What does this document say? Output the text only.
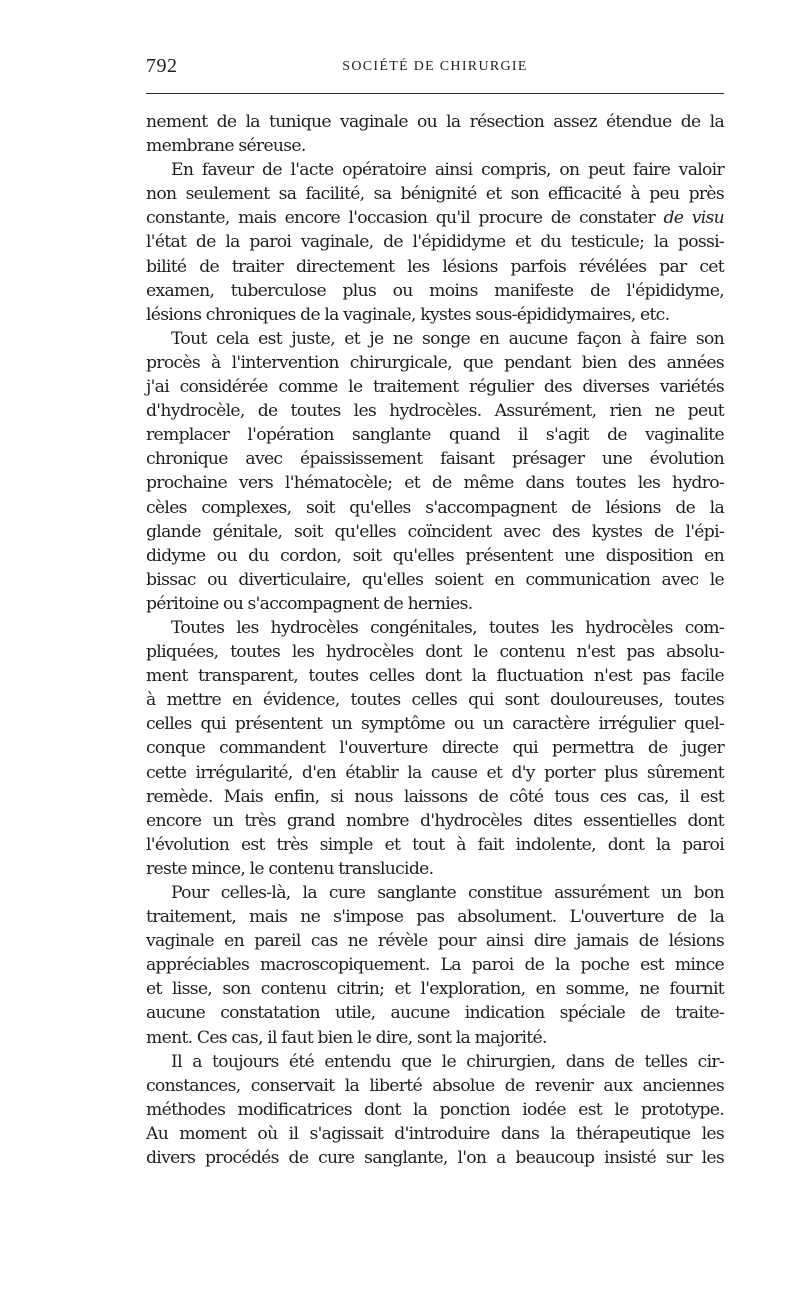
792	SOCIÉTÉ DE CHIRURGIE

nement de la tunique vaginale ou la résection assez étendue de la
membrane séreuse.

En faveur de l'acte opératoire ainsi compris, on peut faire valoir
non seulement sa facilité, sa bénignité et son efficacité à peu près
constante, mais encore l'occasion qu'il procure de constater de visu
l'état de la paroi vaginale, de l'épididyme et du testicule; la possi-
bilité de traiter directement les lésions parfois révélées par cet
examen, tuberculose plus ou moins manifeste de l'épididyme,
lésions chroniques de la vaginale, kystes sous-épididymaires, etc.

Tout cela est juste, et je ne songe en aucune façon à faire son
procès à l'intervention chirurgicale, que pendant bien des années
j'ai considérée comme le traitement régulier des diverses variétés
d'hydrocèle, de toutes les hydrocèles. Assurément, rien ne peut
remplacer l'opération sanglante quand il s'agit de vaginalite
chronique avec épaississement faisant présager une évolution
prochaine vers l'hématocèle; et de même dans toutes les hydro-
cèles complexes, soit qu'elles s'accompagnent de lésions de la
glande génitale, soit qu'elles coïncident avec des kystes de l'épi-
didyme ou du cordon, soit qu'elles présentent une disposition en
bissac ou diverticulaire, qu'elles soient en communication avec le
péritoine ou s'accompagnent de hernies.

Toutes les hydrocèles congénitales, toutes les hydrocèles com-
pliquées, toutes les hydrocèles dont le contenu n'est pas absolu-
ment transparent, toutes celles dont la fluctuation n'est pas facile
à mettre en évidence, toutes celles qui sont douloureuses, toutes
celles qui présentent un symptôme ou un caractère irrégulier quel-
conque commandent l'ouverture directe qui permettra de juger
cette irrégularité, d'en établir la cause et d'y porter plus sûrement
remède. Mais enfin, si nous laissons de côté tous ces cas, il est
encore un très grand nombre d'hydrocèles dites essentielles dont
l'évolution est très simple et tout à fait indolente, dont la paroi
reste mince, le contenu translucide.

Pour celles-là, la cure sanglante constitue assurément un bon
traitement, mais ne s'impose pas absolument. L'ouverture de la
vaginale en pareil cas ne révèle pour ainsi dire jamais de lésions
appréciables macroscopiquement. La paroi de la poche est mince
et lisse, son contenu citrin; et l'exploration, en somme, ne fournit
aucune constatation utile, aucune indication spéciale de traite-
ment. Ces cas, il faut bien le dire, sont la majorité.

Il a toujours été entendu que le chirurgien, dans de telles cir-
constances, conservait la liberté absolue de revenir aux anciennes
méthodes modificatrices dont la ponction iodée est le prototype.
Au moment où il s'agissait d'introduire dans la thérapeutique les
divers procédés de cure sanglante, l'on a beaucoup insisté sur les
